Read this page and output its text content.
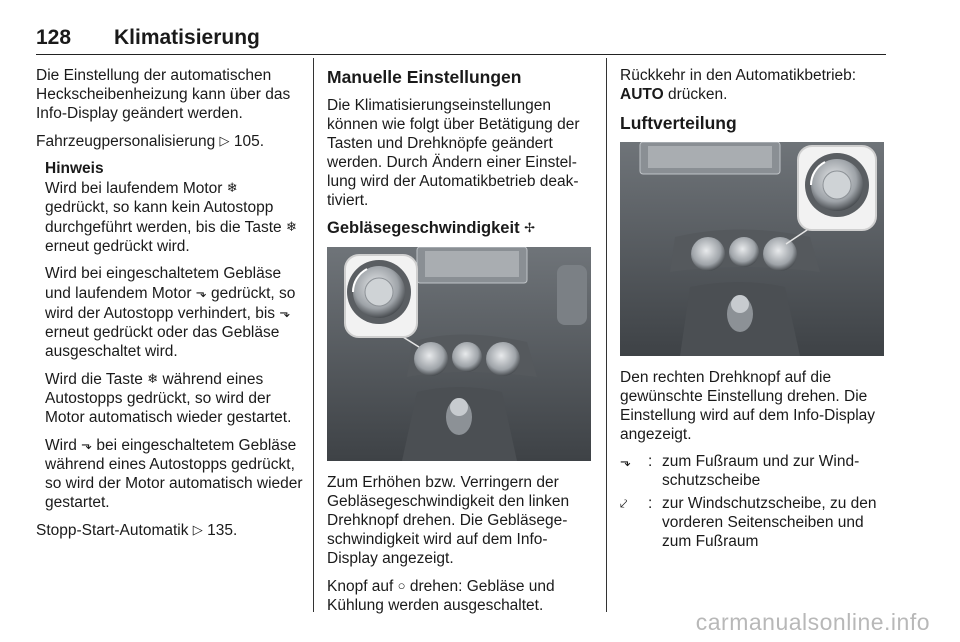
128 Klimatisierung

Die Einstellung der automatischen Heckscheibenheizung kann über das Info-Display geändert werden.

Fahrzeugpersonalisierung ▷ 105.

Hinweis

Wird bei laufendem Motor ❄ gedrückt, so kann kein Autostopp durchgeführt werden, bis die Taste ❄ erneut gedrückt wird.

Wird bei eingeschaltetem Gebläse und laufendem Motor ⬎ gedrückt, so wird der Autostopp verhindert, bis ⬎ erneut gedrückt oder das Gebläse ausgeschaltet wird.

Wird die Taste ❄ während eines Autostopps gedrückt, so wird der Motor automatisch wieder gestartet.

Wird ⬎ bei eingeschaltetem Gebläse während eines Autostopps gedrückt, so wird der Motor automatisch wieder gestartet.

Stopp-Start-Automatik ▷ 135.

Manuelle Einstellungen

Die Klimatisierungseinstellungen können wie folgt über Betätigung der Tasten und Drehknöpfe geändert werden. Durch Ändern einer Einstellung wird der Automatikbetrieb deaktiviert.

Gebläsegeschwindigkeit ✢

Zum Erhöhen bzw. Verringern der Gebläsegeschwindigkeit den linken Drehknopf drehen. Die Gebläsegeschwindigkeit wird auf dem Info-Display angezeigt.

Knopf auf ○ drehen: Gebläse und Kühlung werden ausgeschaltet.

Rückkehr in den Automatikbetrieb: AUTO drücken.

Luftverteilung

Den rechten Drehknopf auf die gewünschte Einstellung drehen. Die Einstellung wird auf dem Info-Display angezeigt.

⬎	: zum Fußraum und zur Windschutzscheibe
⤦	: zur Windschutzscheibe, zu den vorderen Seitenscheiben und zum Fußraum
carmanualsonline.info
